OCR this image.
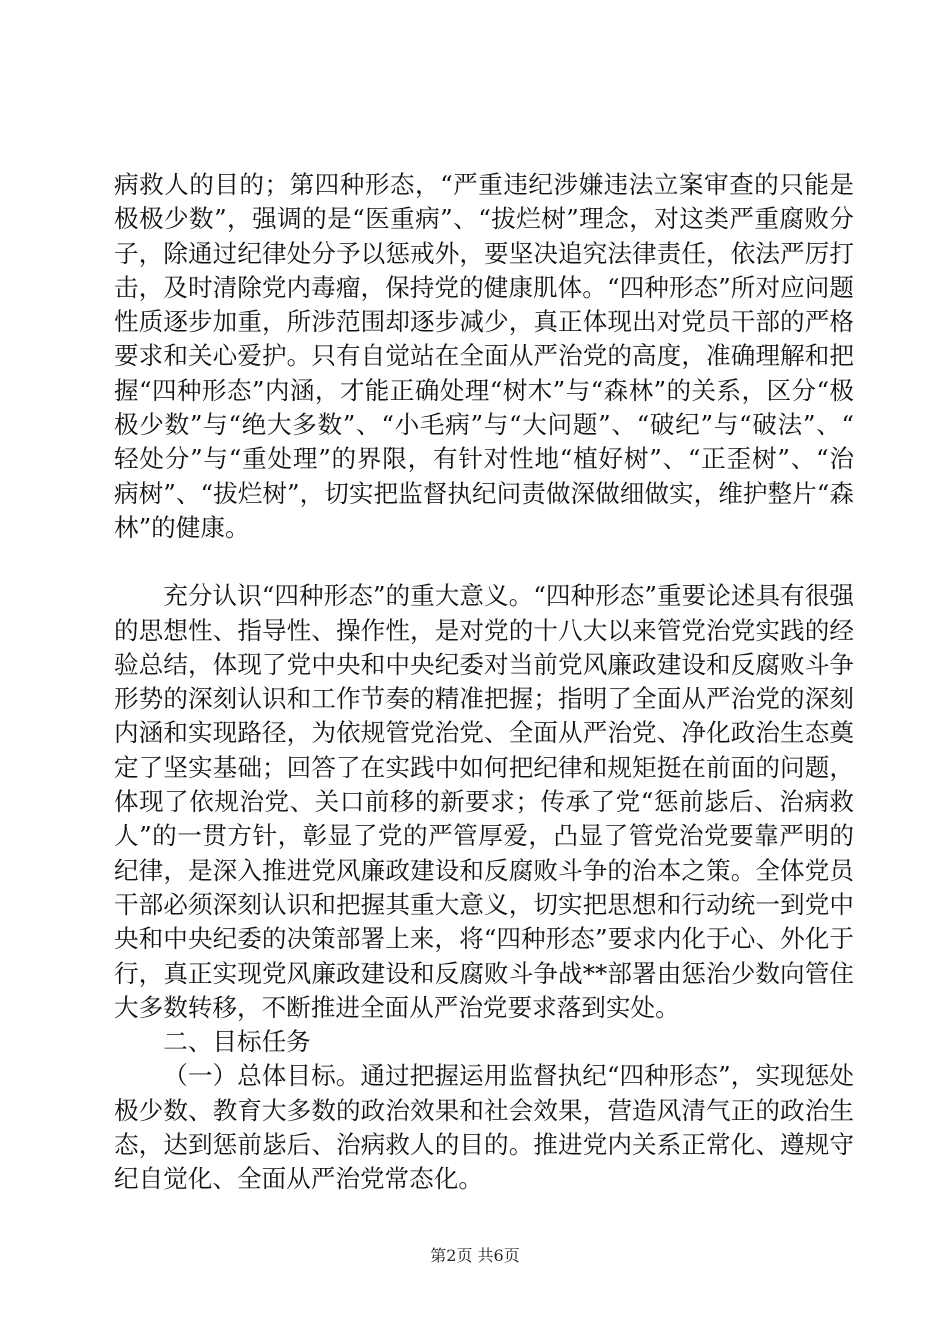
病救人的目的；第四种形态，“严重违纪涉嫌违法立案审查的只能是极极少数”，强调的是“医重病”、“拔烂树”理念，对这类严重腐败分子，除通过纪律处分予以惩戒外，要坚决追究法律责任，依法严厉打击，及时清除党内毒瘤，保持党的健康肌体。“四种形态”所对应问题性质逐步加重，所涉范围却逐步减少，真正体现出对党员干部的严格要求和关心爱护。只有自觉站在全面从严治党的高度，准确理解和把握“四种形态”内涵，才能正确处理“树木”与“森林”的关系，区分“极极少数”与“绝大多数”、“小毛病”与“大问题”、“破纪”与“破法”、“轻处分”与“重处理”的界限，有针对性地“植好树”、“正歪树”、“治病树”、“拔烂树”，切实把监督执纪问责做深做细做实，维护整片“森林”的健康。

充分认识“四种形态”的重大意义。“四种形态”重要论述具有很强的思想性、指导性、操作性，是对党的十八大以来管党治党实践的经验总结，体现了党中央和中央纪委对当前党风廉政建设和反腐败斗争形势的深刻认识和工作节奏的精准把握；指明了全面从严治党的深刻内涵和实现路径，为依规管党治党、全面从严治党、净化政治生态奠定了坚实基础；回答了在实践中如何把纪律和规矩挺在前面的问题，体现了依规治党、关口前移的新要求；传承了党“惩前毖后、治病救人”的一贯方针，彰显了党的严管厚爱，凸显了管党治党要靠严明的纪律，是深入推进党风廉政建设和反腐败斗争的治本之策。全体党员干部必须深刻认识和把握其重大意义，切实把思想和行动统一到党中央和中央纪委的决策部署上来，将“四种形态”要求内化于心、外化于行，真正实现党风廉政建设和反腐败斗争战**部署由惩治少数向管住大多数转移，不断推进全面从严治党要求落到实处。

二、目标任务

（一）总体目标。通过把握运用监督执纪“四种形态”，实现惩处极少数、教育大多数的政治效果和社会效果，营造风清气正的政治生态，达到惩前毖后、治病救人的目的。推进党内关系正常化、遵规守纪自觉化、全面从严治党常态化。

第2页 共6页
